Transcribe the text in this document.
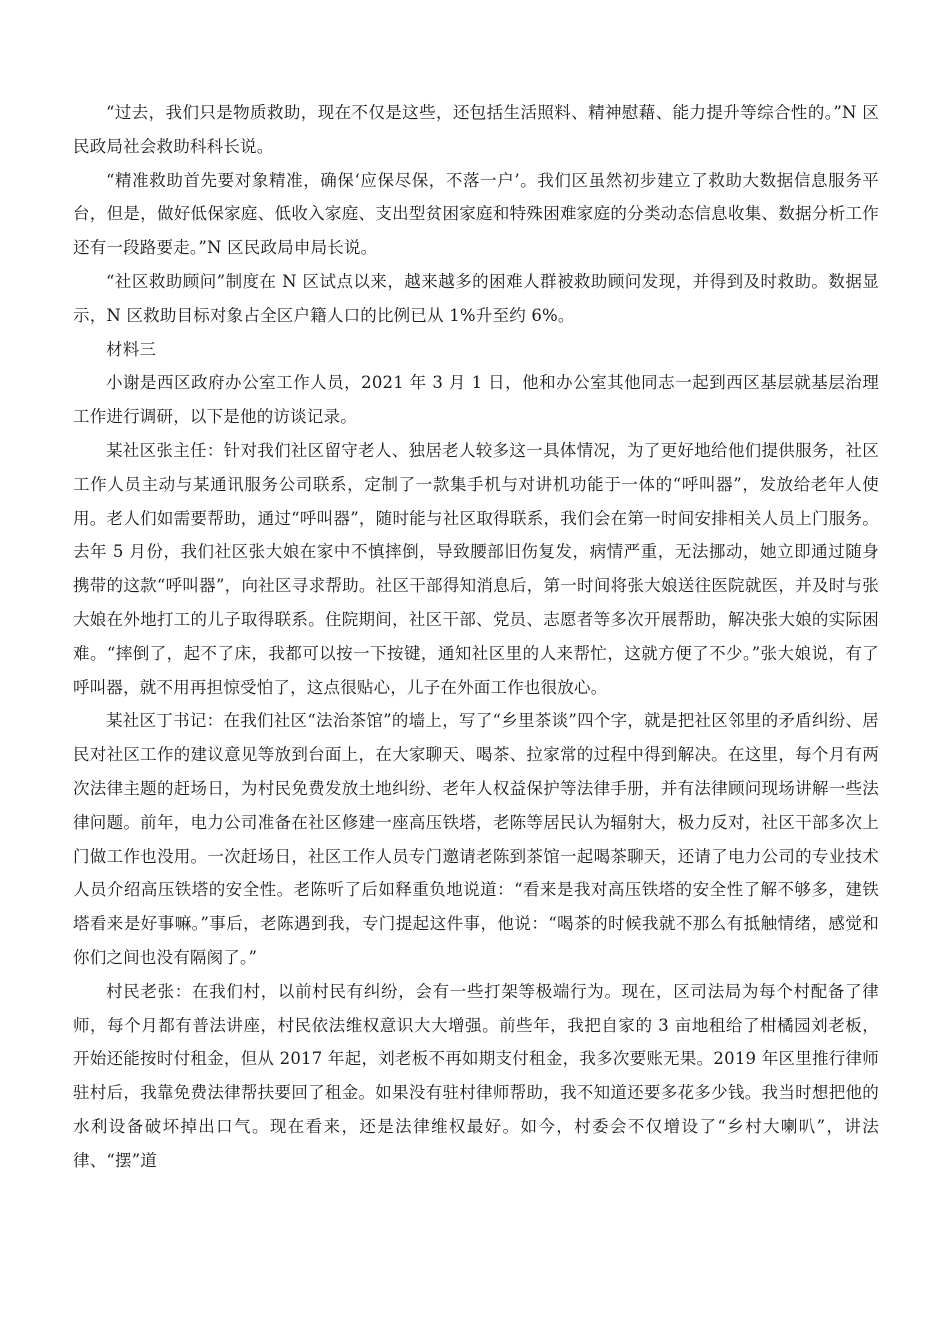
“过去，我们只是物质救助，现在不仅是这些，还包括生活照料、精神慰藉、能力提升等综合性的。”N 区民政局社会救助科科长说。

“精准救助首先要对象精准，确保‘应保尽保，不落一户’。我们区虽然初步建立了救助大数据信息服务平台，但是，做好低保家庭、低收入家庭、支出型贫困家庭和特殊困难家庭的分类动态信息收集、数据分析工作还有一段路要走。”N 区民政局申局长说。

“社区救助顾问”制度在 N 区试点以来，越来越多的困难人群被救助顾问发现，并得到及时救助。数据显示，N 区救助目标对象占全区户籍人口的比例已从 1%升至约 6%。

材料三

小谢是西区政府办公室工作人员，2021 年 3 月 1 日，他和办公室其他同志一起到西区基层就基层治理工作进行调研，以下是他的访谈记录。

某社区张主任：针对我们社区留守老人、独居老人较多这一具体情况，为了更好地给他们提供服务，社区工作人员主动与某通讯服务公司联系，定制了一款集手机与对讲机功能于一体的“呼叫器”，发放给老年人使用。老人们如需要帮助，通过“呼叫器”，随时能与社区取得联系，我们会在第一时间安排相关人员上门服务。去年 5 月份，我们社区张大娘在家中不慎摔倒，导致腰部旧伤复发，病情严重，无法挪动，她立即通过随身携带的这款“呼叫器”，向社区寻求帮助。社区干部得知消息后，第一时间将张大娘送往医院就医，并及时与张大娘在外地打工的儿子取得联系。住院期间，社区干部、党员、志愿者等多次开展帮助，解决张大娘的实际困难。“摔倒了，起不了床，我都可以按一下按键，通知社区里的人来帮忙，这就方便了不少。”张大娘说，有了呼叫器，就不用再担惊受怕了，这点很贴心，儿子在外面工作也很放心。

某社区丁书记：在我们社区“法治茶馆”的墙上，写了“乡里茶谈”四个字，就是把社区邻里的矛盾纠纷、居民对社区工作的建议意见等放到台面上，在大家聊天、喝茶、拉家常的过程中得到解决。在这里，每个月有两次法律主题的赶场日，为村民免费发放土地纠纷、老年人权益保护等法律手册，并有法律顾问现场讲解一些法律问题。前年，电力公司准备在社区修建一座高压铁塔，老陈等居民认为辐射大，极力反对，社区干部多次上门做工作也没用。一次赶场日，社区工作人员专门邀请老陈到茶馆一起喝茶聊天，还请了电力公司的专业技术人员介绍高压铁塔的安全性。老陈听了后如释重负地说道：“看来是我对高压铁塔的安全性了解不够多，建铁塔看来是好事嘛。”事后，老陈遇到我，专门提起这件事，他说：“喝茶的时候我就不那么有抵触情绪，感觉和你们之间也没有隔阂了。”

村民老张：在我们村，以前村民有纠纷，会有一些打架等极端行为。现在，区司法局为每个村配备了律师，每个月都有普法讲座，村民依法维权意识大大增强。前些年，我把自家的 3 亩地租给了柑橘园刘老板，开始还能按时付租金，但从 2017 年起，刘老板不再如期支付租金，我多次要账无果。2019 年区里推行律师驻村后，我靠免费法律帮扶要回了租金。如果没有驻村律师帮助，我不知道还要多花多少钱。我当时想把他的水利设备破坏掉出口气。现在看来，还是法律维权最好。如今，村委会不仅增设了“乡村大喇叭”，讲法律、“摆”道
